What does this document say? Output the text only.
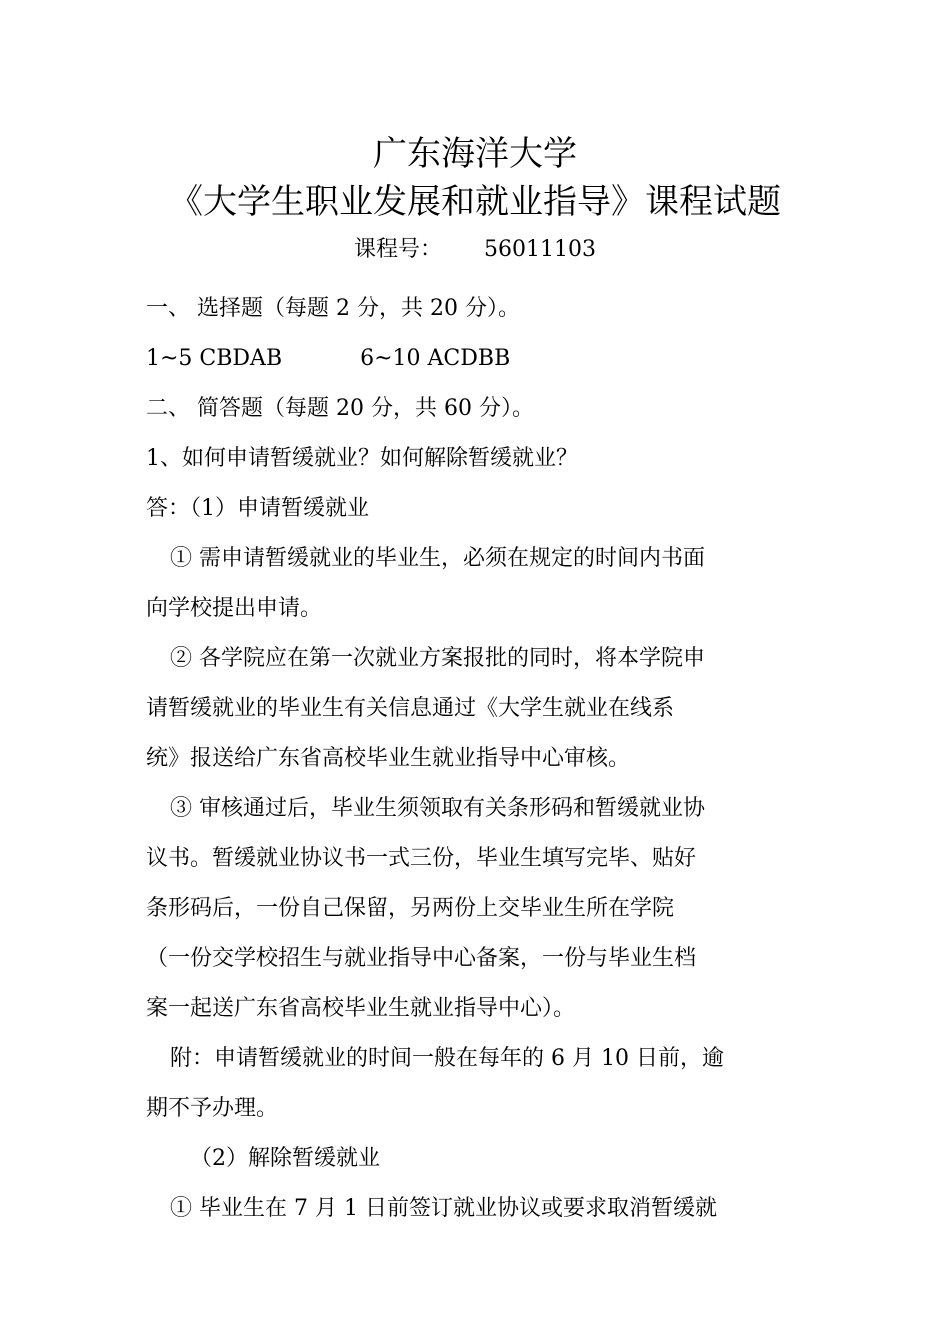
广东海洋大学
《大学生职业发展和就业指导》课程试题
课程号： 56011103
一、 选择题（每题 2 分，共 20 分）。
1~5 CBDAB	6~10 ACDBB
二、 简答题（每题 20 分，共 60 分）。
1、如何申请暂缓就业？如何解除暂缓就业？
答：（1）申请暂缓就业
① 需申请暂缓就业的毕业生，必须在规定的时间内书面
向学校提出申请。
② 各学院应在第一次就业方案报批的同时，将本学院申
请暂缓就业的毕业生有关信息通过《大学生就业在线系
统》报送给广东省高校毕业生就业指导中心审核。
③ 审核通过后，毕业生须领取有关条形码和暂缓就业协
议书。暂缓就业协议书一式三份，毕业生填写完毕、贴好
条形码后，一份自己保留，另两份上交毕业生所在学院
（一份交学校招生与就业指导中心备案，一份与毕业生档
案一起送广东省高校毕业生就业指导中心）。
附：申请暂缓就业的时间一般在每年的 6 月 10 日前，逾
期不予办理。
（2）解除暂缓就业
① 毕业生在 7 月 1 日前签订就业协议或要求取消暂缓就
